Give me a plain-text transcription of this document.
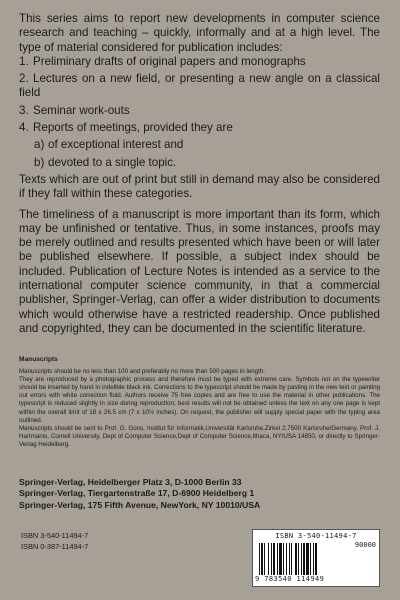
This series aims to report new developments in computer science research and teaching – quickly, informally and at a high level. The type of material considered for publication includes:

1. Preliminary drafts of original papers and monographs
2. Lectures on a new field, or presenting a new angle on a classical field
3. Seminar work-outs
4. Reports of meetings, provided they are
a) of exceptional interest and
b) devoted to a single topic.

Texts which are out of print but still in demand may also be considered if they fall within these categories.

The timeliness of a manuscript is more important than its form, which may be unfinished or tentative. Thus, in some instances, proofs may be merely outlined and results presented which have been or will later be published elsewhere. If possible, a subject index should be included. Publication of Lecture Notes is intended as a service to the international computer science community, in that a commercial publisher, Springer-Verlag, can offer a wider distribution to documents which would otherwise have a restricted readership. Once published and copyrighted, they can be documented in the scientific literature.

Manuscripts

Manuscripts should be no less than 100 and preferably no more than 500 pages in length.

They are reproduced by a photographic process and therefore must be typed with extreme care. Symbols not on the typewriter should be inserted by hand in indelible black ink. Corrections to the typescript should be made by pasting in the new text or painting out errors with white correction fluid. Authors receive 75 free copies and are free to use the material in other publications. The typescript is reduced slightly in size during reproduction; best results will not be obtained unless the text on any one page is kept within the overall limit of 18 x 26.5 cm (7 x 10½ inches). On request, the publisher will supply special paper with the typing area outlined.

Manuscripts should be sent to Prof. G. Goos, Institut für Informatik,Universität Karlsruhe,Zirkel 2,7500 Karlsruhe/Germany, Prof. J. Hartmanis, Cornell University, Dept of Computer Science,Dept of Computer Science,Ithaca, NY/USA 14850, or directly to Springer-Verlag Heidelberg.

Springer-Verlag, Heidelberger Platz 3, D-1000 Berlin 33

Springer-Verlag, Tiergartenstraße 17, D-6900 Heidelberg 1

Springer-Verlag, 175 Fifth Avenue, NewYork, NY 10010/USA

ISBN 3-540-11494-7

ISBN 0-387-11494-7

ISBN 3-540-11494-7
90000
9 783540 114949
